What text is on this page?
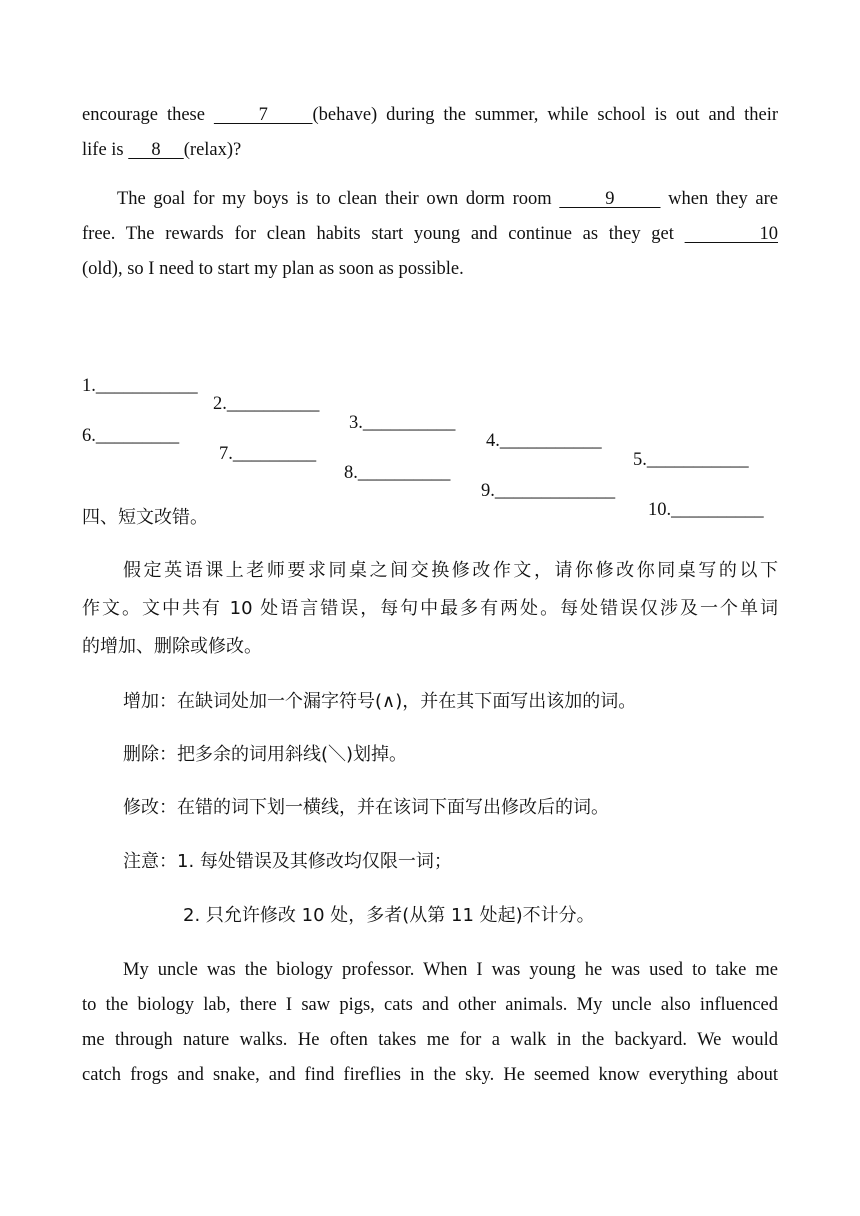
encourage these      7     (behave) during the summer, while school is out and their
life is      8     (relax)?
The goal for my boys is to clean their own dorm room       9       when they are
free. The rewards for clean habits start young and continue as they get        10
(old), so I need to start my plan as soon as possible.

1.___________

2.__________

3.__________

4.___________

5.___________

6._________

7._________

8.__________

9._____________

10.__________

四、短文改错。
假定英语课上老师要求同桌之间交换修改作文，请你修改你同桌写的以下
作文。文中共有 10 处语言错误，每句中最多有两处。每处错误仅涉及一个单词
的增加、删除或修改。
增加：在缺词处加一个漏字符号(∧)，并在其下面写出该加的词。
删除：把多余的词用斜线(＼)划掉。
修改：在错的词下划一横线，并在该词下面写出修改后的词。
注意：1. 每处错误及其修改均仅限一词；
2. 只允许修改 10 处，多者(从第 11 处起)不计分。
My uncle was the biology professor. When I was young he was used to take me
to the biology lab, there I saw pigs, cats and other animals. My uncle also influenced
me through nature walks. He often takes me for a walk in the backyard. We would
catch frogs and snake, and find fireflies in the sky. He seemed know everything about
